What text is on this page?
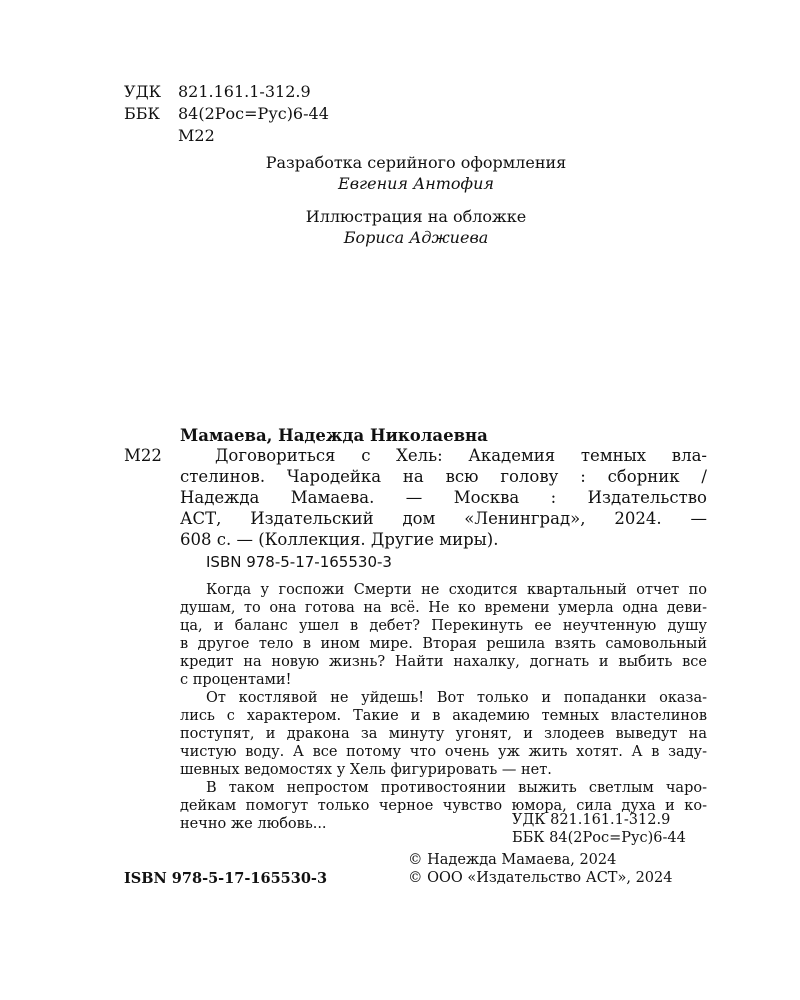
УДК 821.161.1-312.9
ББК 84(2Рос=Рус)6-44
М22
Разработка серийного оформления
Евгения Антофия
Иллюстрация на обложке
Бориса Аджиева
Мамаева, Надежда Николаевна
М22	Договориться с Хель: Академия темных вла-
стелинов. Чародейка на всю голову : сборник /
Надежда Мамаева. — Москва : Издательство
АСТ, Издательский дом «Ленинград», 2024. —
608 с. — (Коллекция. Другие миры).
ISBN 978-5-17-165530-3
Когда у госпожи Смерти не сходится квартальный отчет по
душам, то она готова на всё. Не ко времени умерла одна деви-
ца, и баланс ушел в дебет? Перекинуть ее неучтенную душу
в другое тело в ином мире. Вторая решила взять самовольный
кредит на новую жизнь? Найти нахалку, догнать и выбить все
с процентами!
От костлявой не уйдешь! Вот только и попаданки оказа-
лись с характером. Такие и в академию темных властелинов
поступят, и дракона за минуту угонят, и злодеев выведут на
чистую воду. А все потому что очень уж жить хотят. А в заду-
шевных ведомостях у Хель фигурировать — нет.
В таком непростом противостоянии выжить светлым чаро-
дейкам помогут только черное чувство юмора, сила духа и ко-
нечно же любовь...	УДК 821.161.1-312.9
ББК 84(2Рос=Рус)6-44
© Надежда Мамаева, 2024
© ООО «Издательство АСТ», 2024
ISBN 978-5-17-165530-3
